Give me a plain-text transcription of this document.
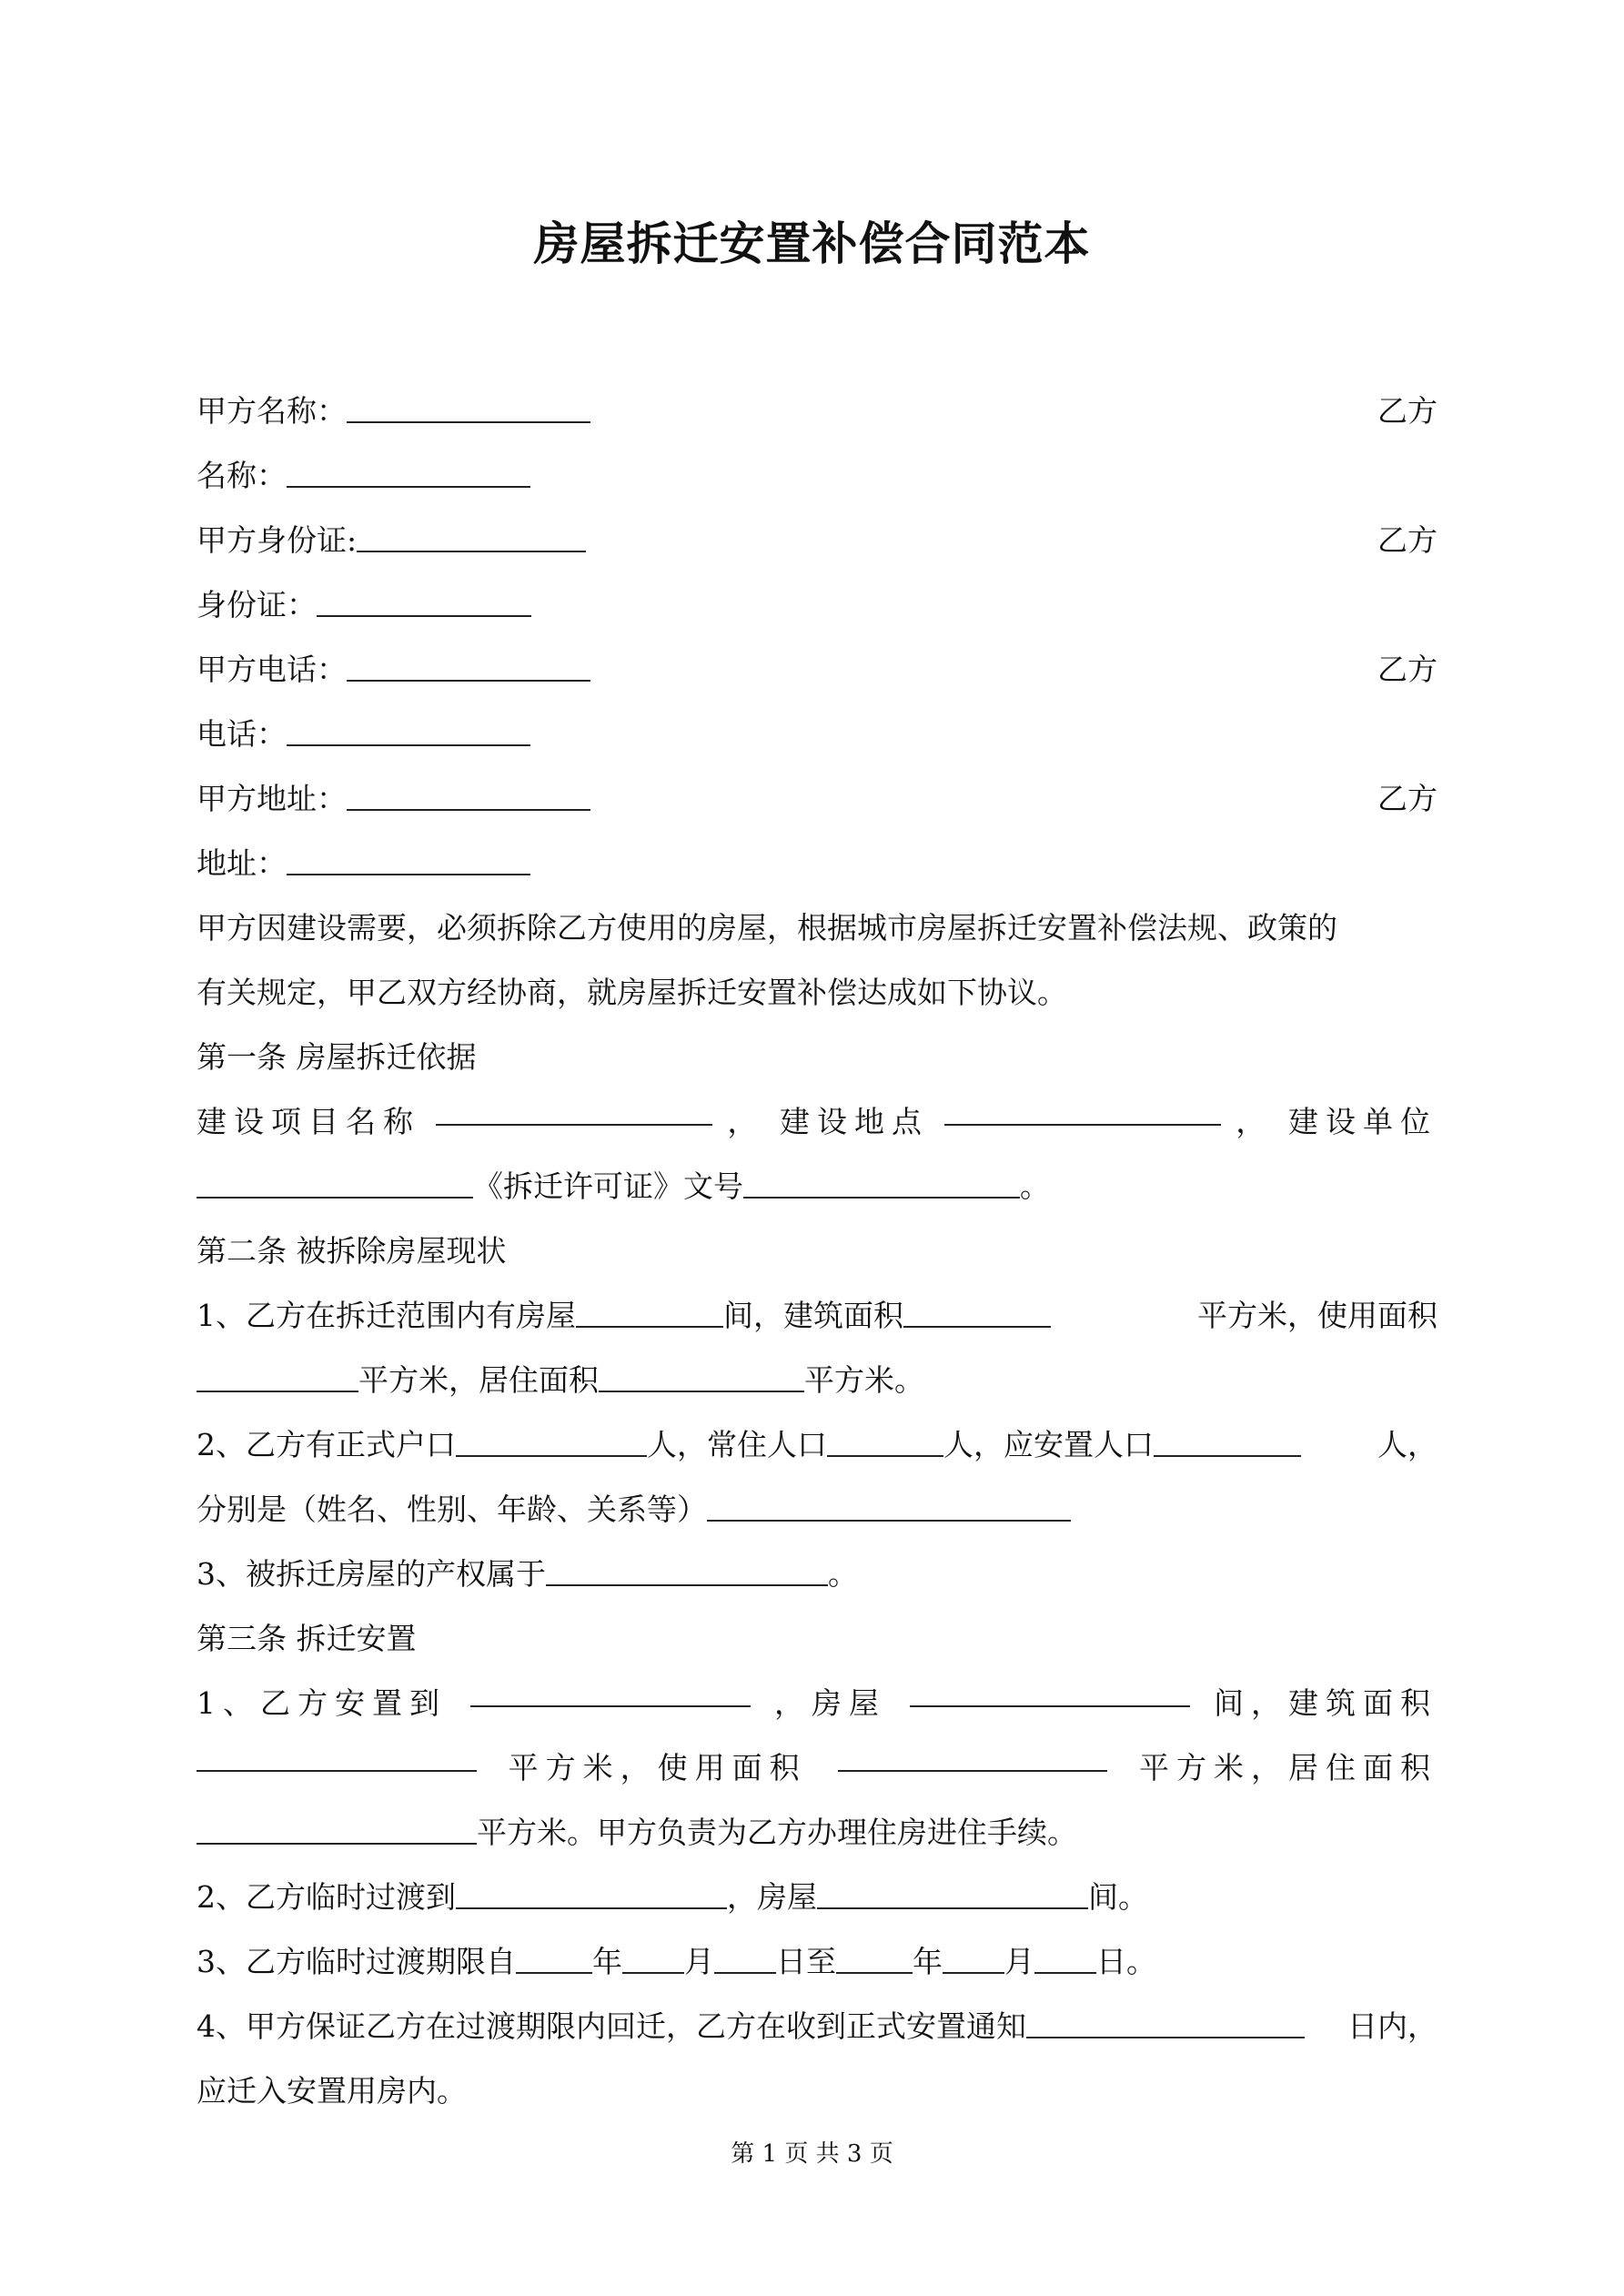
房屋拆迁安置补偿合同范本
甲方名称：	乙方
名称：
甲方身份证:	乙方
身份证：
甲方电话：	乙方
电话：
甲方地址：	乙方
地址：
甲方因建设需要，必须拆除乙方使用的房屋，根据城市房屋拆迁安置补偿法规、政策的
有关规定，甲乙双方经协商，就房屋拆迁安置补偿达成如下协议。
第一条 房屋拆迁依据
建设项目名称	， 建设地点	， 建设单位
《拆迁许可证》文号	。
第二条 被拆除房屋现状
1、乙方在拆迁范围内有房屋	间，建筑面积	平方米，使用面积
平方米，居住面积	平方米。
2、乙方有正式户口	人，常住人口	人，应安置人口	人，
分别是（姓名、性别、年龄、关系等）
3、被拆迁房屋的产权属于	。
第三条 拆迁安置
1、乙方安置到	，房屋	间，建筑面积
平方米，使用面积	平方米，居住面积
平方米。甲方负责为乙方办理住房进住手续。
2、乙方临时过渡到	，房屋	间。
3、乙方临时过渡期限自	年 月 日至	年 月 日。
4、甲方保证乙方在过渡期限内回迁，乙方在收到正式安置通知	日内，
应迁入安置用房内。
第 1 页 共 3 页
